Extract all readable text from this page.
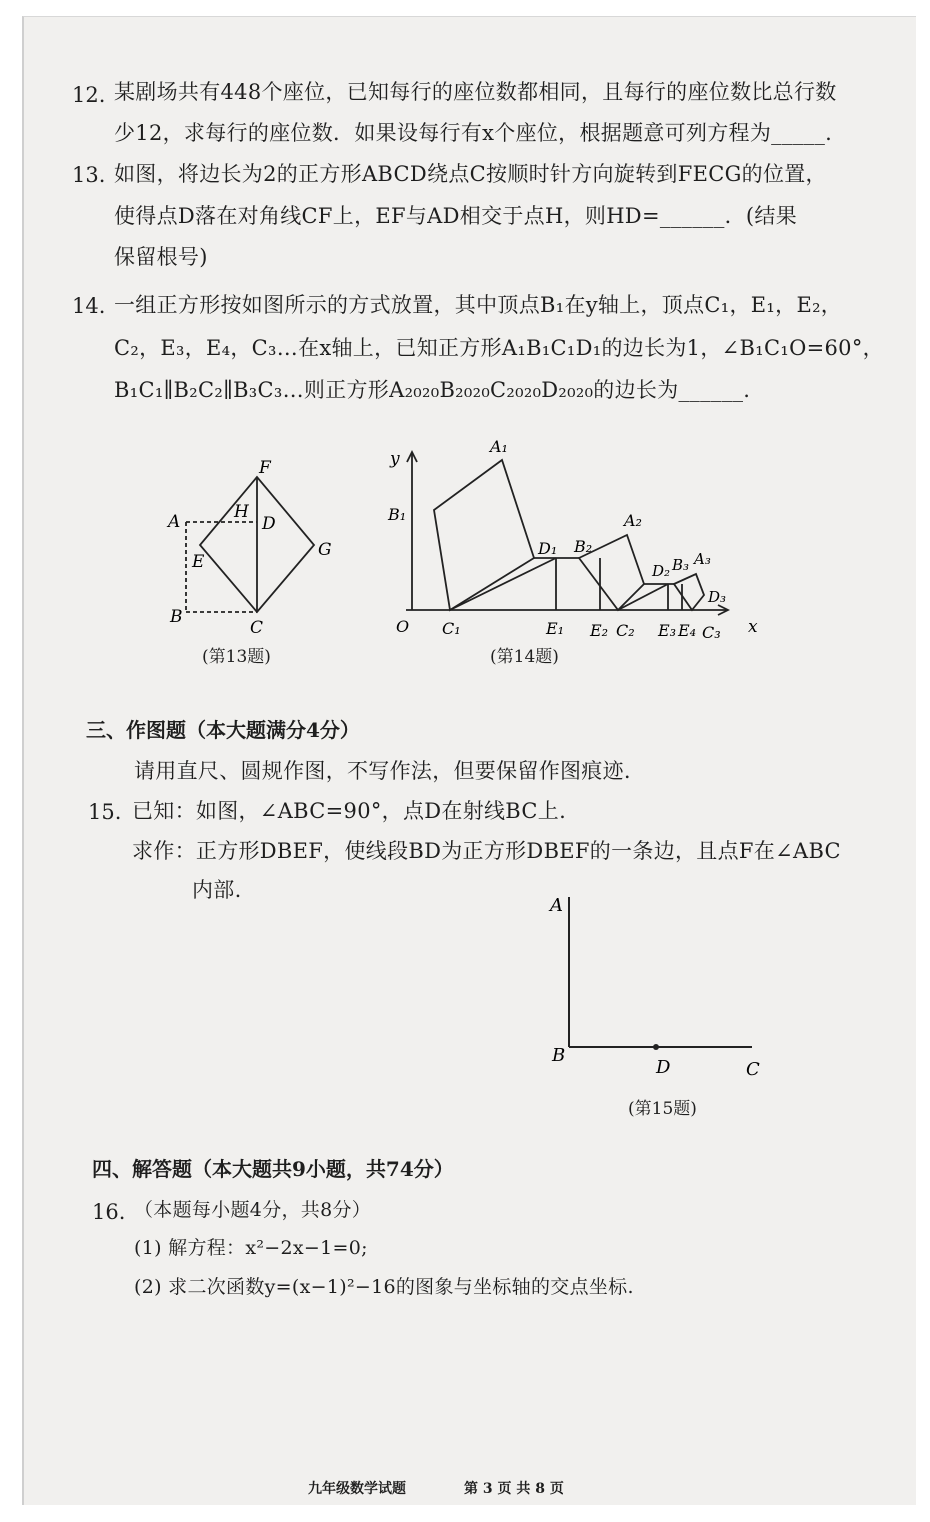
12. 某剧场共有448个座位，已知每行的座位数都相同，且每行的座位数比总行数
少12，求每行的座位数．如果设每行有x个座位，根据题意可列方程为_____.
13. 如图，将边长为2的正方形ABCD绕点C按顺时针方向旋转到FECG的位置，
使得点D落在对角线CF上，EF与AD相交于点H，则HD=______．(结果
保留根号)
14. 一组正方形按如图所示的方式放置，其中顶点B₁在y轴上，顶点C₁，E₁，E₂，
C₂，E₃，E₄，C₃…在x轴上，已知正方形A₁B₁C₁D₁的边长为1，∠B₁C₁O=60°，
B₁C₁∥B₂C₂∥B₃C₃…则正方形A₂₀₂₀B₂₀₂₀C₂₀₂₀D₂₀₂₀的边长为______.
F
H
A	D
E
G
B
C
(第13题)
y
A₁
B₁	A₂
D₁ B₂
D₂ B₃ A₃
D₃
O C₁	E₁ E₂ C₂ E₃ E₄ C₃ x
(第14题)
三、作图题（本大题满分4分）
请用直尺、圆规作图，不写作法，但要保留作图痕迹.
15. 已知：如图，∠ABC=90°，点D在射线BC上.
求作：正方形DBEF，使线段BD为正方形DBEF的一条边，且点F在∠ABC
内部.
A
B
D	C
(第15题)
四、解答题（本大题共9小题，共74分）
16. （本题每小题4分，共8分）
(1) 解方程：x²−2x−1=0;
(2) 求二次函数y=(x−1)²−16的图象与坐标轴的交点坐标.
九年级数学试题	第 3 页 共 8 页
